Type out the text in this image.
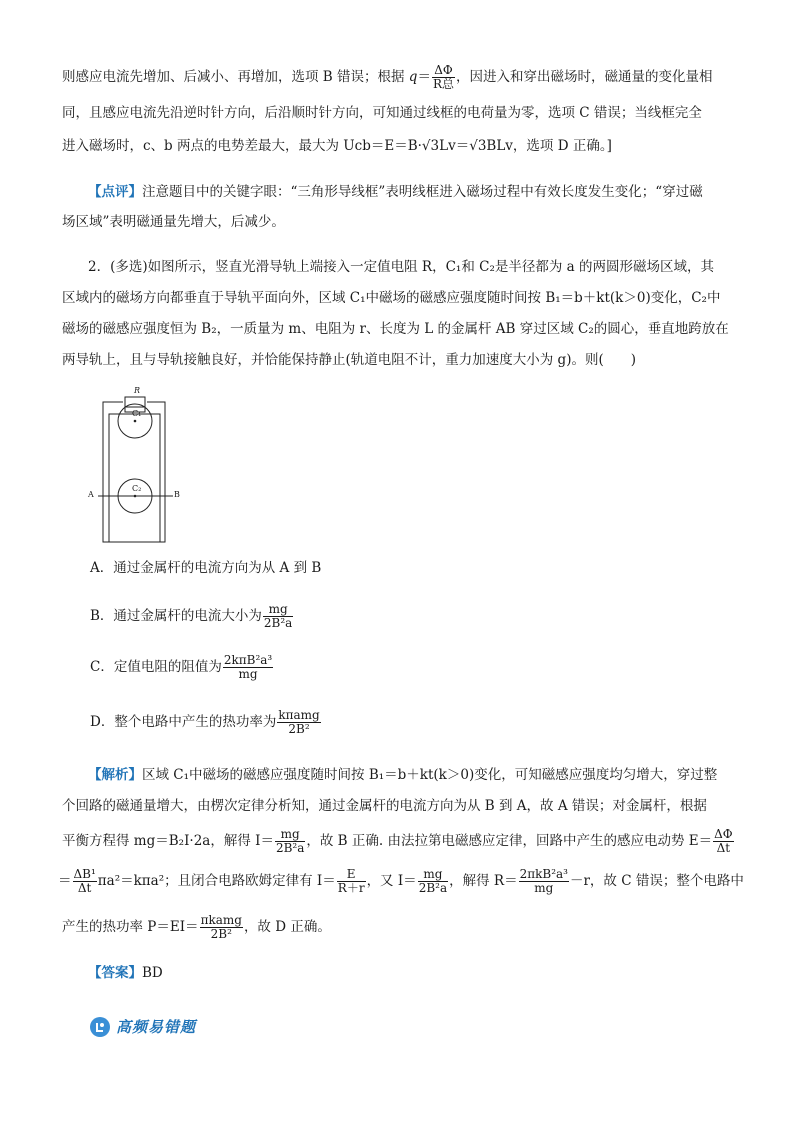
则感应电流先增加、后减小、再增加，选项 B 错误；根据 $q= \frac{\Delta\Phi}{\text{R总}}$ ，因进入和穿出磁场时，磁通量的变化量相
同，且感应电流先沿逆时针方向，后沿顺时针方向，可知通过线框的电荷量为零，选项 C 错误；当线框完全
进入磁场时，c、b 两点的电势差最大，最大为 Ucb＝E＝B·√3Lv＝√3BLv，选项 D 正确。]
【点评】注意题目中的关键字眼：“三角形导线框”表明线框进入磁场过程中有效长度发生变化；“穿过磁
场区域”表明磁通量先增大，后减少。
2．(多选)如图所示，竖直光滑导轨上端接入一定值电阻 R，C₁和 C₂是半径都为 a 的两圆形磁场区域，其
区域内的磁场方向都垂直于导轨平面向外，区域 C₁中磁场的磁感应强度随时间按 B₁＝b＋kt(k＞0)变化，C₂中
磁场的磁感应强度恒为 B₂，一质量为 m、电阻为 r、长度为 L 的金属杆 AB 穿过区域 C₂的圆心，垂直地跨放在
两导轨上，且与导轨接触良好，并恰能保持静止(轨道电阻不计，重力加速度大小为 g)。则(　　)
R
C₁
C₂
A	B
A．通过金属杆的电流方向为从 A 到 B
B．通过金属杆的电流大小为 $\frac{mg}{\text{2B²a}}$
C．定值电阻的阻值为 $\frac{\text{2kπB²a³}}{mg}$
D．整个电路中产生的热功率为 $\frac{\text{kπamg}}{\text{2B²}}$
【解析】区域 C₁中磁场的磁感应强度随时间按 B₁＝b＋kt(k＞0)变化，可知磁感应强度均匀增大，穿过整
个回路的磁通量增大，由楞次定律分析知，通过金属杆的电流方向为从 B 到 A，故 A 错误；对金属杆，根据
平衡方程得 mg＝B₂I·2a，解得 $I= \frac{mg}{\text{2B²a}}$ ，故 B 正确. 由法拉第电磁感应定律，回路中产生的感应电动势 $E= \frac{\Delta\Phi}{\Delta t}$
＝ $\frac{\text{ΔB¹}}{\Delta t} \pi a^2=k\pi a^2$；且闭合电路欧姆定律有 $I= \frac{E}{R+r}$ ，又 $I= \frac{mg}{\text{2B²a}}$ ，解得 $R= \frac{\text{2πkB²a³}}{mg} -r$，故 C 错误；整个电路中
产生的热功率 $P=EI= \frac{\text{πkamg}}{\text{2B²}}$ ，故 D 正确。
【答案】BD
高频易错题
